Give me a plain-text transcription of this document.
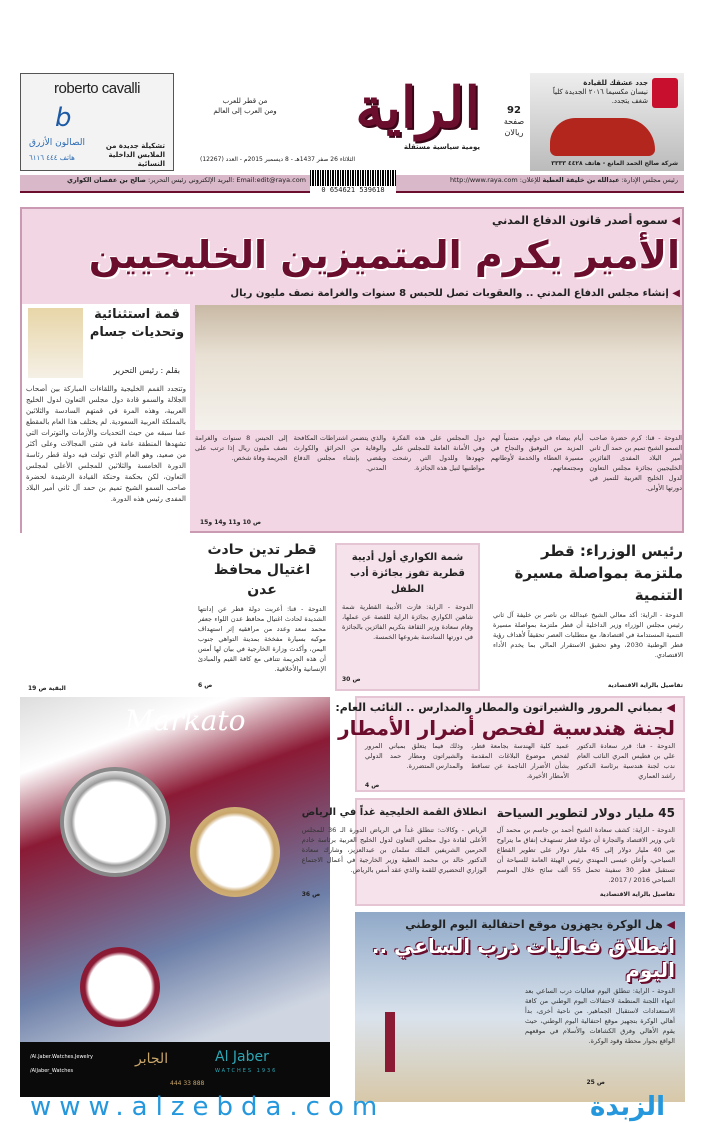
roberto cavalli
b
الصالون الأزرق
هاتف ٤٤٤ ٦١١٦
تشكيلة جديدة من الملابس الداخلية النسائية
الراية
من قطر للعرب
ومن العرب إلى العالم
يومية سياسية مستقلة
الثلاثاء 26 صفر 1437هـ - 8 ديسمبر 2015م - العدد (12267)
92
صفحة
ريالان
جدد عشقك للقيادة
نيسان مكسيما ٢٠١٦ الجديدة كلياً
شغف يتجدد.
شركة صالح الحمد المانع - هاتف ٤٤٢٨ ٣٣٣٣
رئيس مجلس الإدارة: عبدالله بن خليفة العطية للإعلان: http://www.raya.com
Email:edit@raya.com :البريد الإلكتروني رئيس التحرير: صالح بن عفصان الكواري
0 654621 539618
◀ سموه أصدر قانون الدفاع المدني
الأمير يكرم المتميزين الخليجيين
◀ إنشاء مجلس الدفاع المدني .. والعقوبات تصل للحبس 8 سنوات والغرامة نصف مليون ريال
الدوحة - قنا: كرم حضرة صاحب السمو الشيخ تميم بن حمد آل ثاني أمير البلاد المفدى الفائزين الخليجيين بجائزة مجلس التعاون لدول الخليج العربية للتميز في دورتها الأولى.
أيام بيضاء في دولهم، متمنياً لهم المزيد من التوفيق والنجاح في مسيرة العطاء والخدمة لأوطانهم ومجتمعاتهم.
دول المجلس على هذه الفكرة وفي الأمانة العامة للمجلس على جهودها وللدول التي رشحت مواطنيها لنيل هذه الجائزة.
والذي يتضمن اشتراطات المكافحة والوقاية من الحرائق والكوارث ويقضي بإنشاء مجلس الدفاع المدني.
إلى الحبس 8 سنوات والغرامة نصف مليون ريال إذا ترتب على الجريمة وفاة شخص.
ص 10 و11 و14 و15
قمة استثنائية وتحديات جسام
بقلم : رئيس التحرير
وتتجدد القمم الخليجية واللقاءات المباركة بين أصحاب الجلالة والسمو قادة دول مجلس التعاون لدول الخليج العربية، وهذه المرة في قمتهم السادسة والثلاثين بالمملكة العربية السعودية. لم يختلف هذا العام بالمقطع عما سبقه من حيث التحديات والأزمات والتوترات التي تشهدها المنطقة عامة في شتى المجالات وعلى أكثر من صعيد، وهو العام الذي تولت فيه دولة قطر رئاسة الدورة الخامسة والثلاثين للمجلس الأعلى لمجلس التعاون، لكن بحكمة وحنكة القيادة الرشيدة لحضرة صاحب السمو الشيخ تميم بن حمد آل ثاني أمير البلاد المفدى رئيس هذه الدورة.
البقية ص 19
رئيس الوزراء: قطر ملتزمة بمواصلة مسيرة التنمية
الدوحة - الراية: أكد معالي الشيخ عبدالله بن ناصر بن خليفة آل ثاني رئيس مجلس الوزراء وزير الداخلية أن قطر ملتزمة بمواصلة مسيرة التنمية المستدامة في اقتصادها، مع متطلبات العصر تحقيقاً لأهداف رؤية قطر الوطنية 2030، وهو تحقيق الاستقرار المالي بما يخدم الأداء الاقتصادي.
تفاصيل بالراية الاقتصادية
شمة الكواري أول أديبة قطرية تفوز بجائزة أدب الطفل
الدوحة - الراية: فازت الأديبة القطرية شمة شاهين الكواري بجائزة الراية للقصة عن عملها، وقام سعادة وزير الثقافة بتكريم الفائزين بالجائزة في دورتها السادسة بفروعها الخمسة.
ص 30
قطر تدين حادث اغتيال محافظ عدن
الدوحة - قنا: أعربت دولة قطر عن إدانتها الشديدة لحادث اغتيال محافظ عدن اللواء جعفر محمد سعد وعدد من مرافقيه إثر استهداف موكبه بسيارة مفخخة بمدينة التواهي جنوب اليمن، وأكدت وزارة الخارجية في بيان لها أمس أن هذه الجريمة تتنافى مع كافة القيم والمبادئ الإنسانية والأخلاقية.
ص 6
Markato
/Al.Jaber.Watches.Jewelry
/AlJaber_Watches
الجابر	Al Jaber
WATCHES 1936
444 33 888
◀ بمباني المرور والشيراتون والمطار والمدارس .. النائب العام:
لجنة هندسية لفحص أضرار الأمطار
الدوحة - قنا: قرر سعادة الدكتور علي بن فطيس المري النائب العام ندب لجنة هندسية برئاسة الدكتور راشد العماري
عميد كلية الهندسة بجامعة قطر، لفحص موضوع البلاغات المقدمة بشأن الأضرار الناجمة عن تساقط الأمطار الأخيرة،
وذلك فيما يتعلق بمباني المرور والشيراتون ومطار حمد الدولي والمدارس المتضررة.
ص 4
45 مليار دولار لتطوير السياحة
الدوحة - الراية: كشف سعادة الشيخ أحمد بن جاسم بن محمد آل ثاني وزير الاقتصاد والتجارة أن دولة قطر تستهدف إنفاق ما يتراوح بين 40 مليار دولار إلى 45 مليار دولار على تطوير القطاع السياحي، وأعلن عيسى المهندي رئيس الهيئة العامة للسياحة أن تستقبل قطر 30 سفينة تحمل 55 ألف سائح خلال الموسم السياحي 2016 / 2017.
تفاصيل بالراية الاقتصادية
انطلاق القمة الخليجية غداً في الرياض
الرياض - وكالات: تنطلق غداً في الرياض الدورة الـ 36 للمجلس الأعلى لقادة دول مجلس التعاون لدول الخليج العربية برئاسة خادم الحرمين الشريفين الملك سلمان بن عبدالعزيز، وشارك سعادة الدكتور خالد بن محمد العطية وزير الخارجية في أعمال الاجتماع الوزاري التحضيري للقمة والذي عقد أمس بالرياض.
ص 36
◀ هل الوكرة يجهزون موقع احتفالية اليوم الوطني
انطلاق فعاليات درب الساعي .. اليوم
الدوحة - الراية: تنطلق اليوم فعاليات درب الساعي بعد انتهاء اللجنة المنظمة لاحتفالات اليوم الوطني من كافة الاستعدادات لاستقبال الجماهير. من ناحية أخرى، بدأ أهالي الوكرة بتجهيز موقع احتفالية اليوم الوطني، حيث يقوم الأهالي وفرق الكشافات والأسلام في موقعهم الواقع بجوار محطة وقود الوكرة.
ص 25
www.alzebda.com	الزبدة
